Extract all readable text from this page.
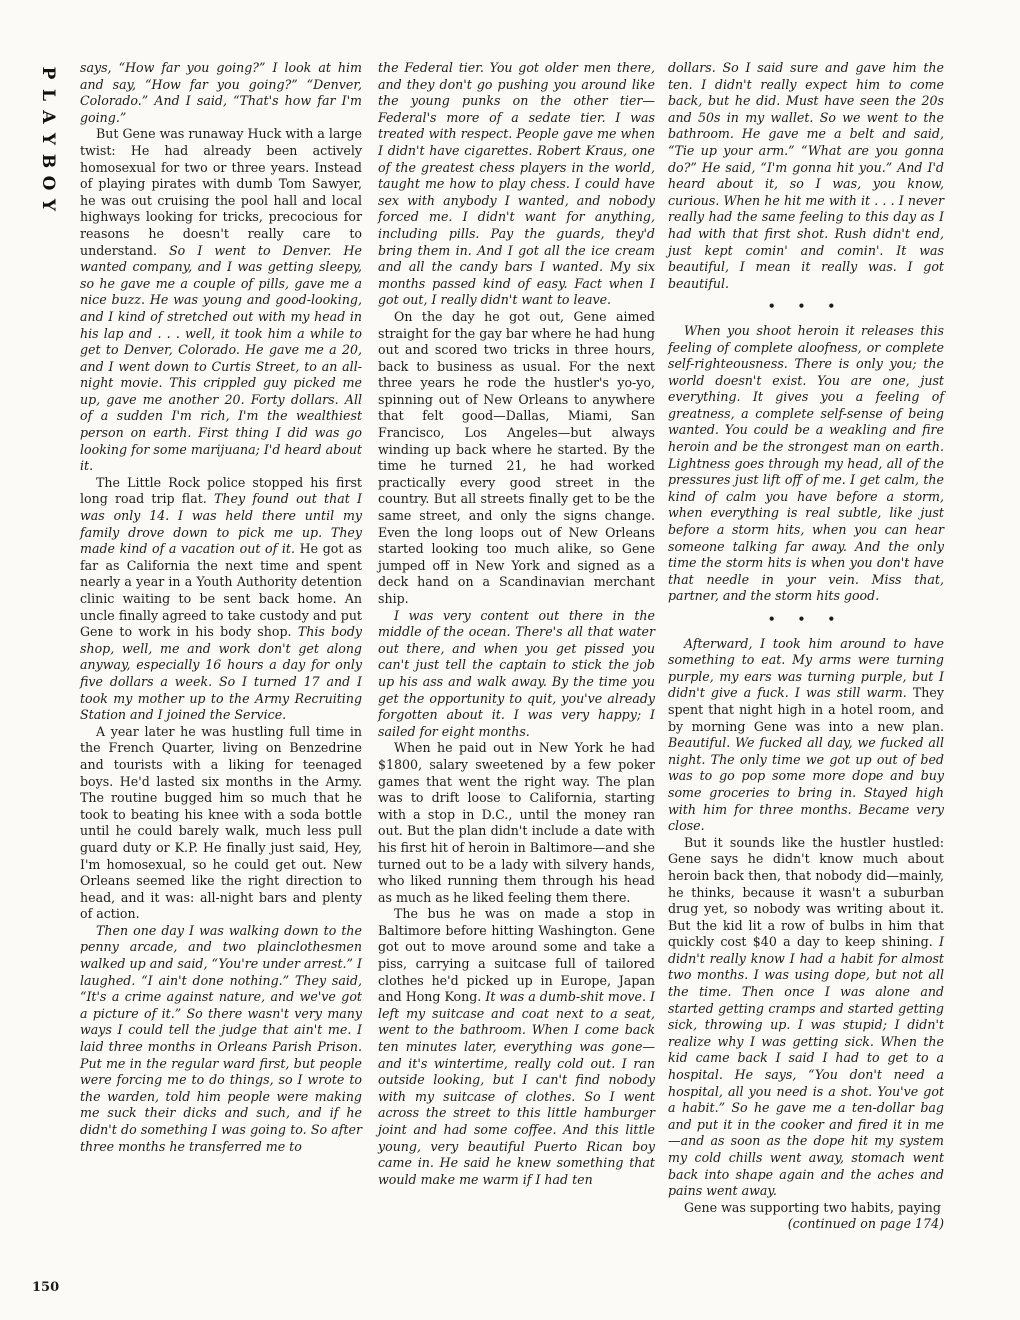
P
L
A
Y
B
O
Y

says, “How far you going?” I look at him and say, “How far you going?” “Denver, Colorado.” And I said, “That's how far I'm going.”

But Gene was runaway Huck with a large twist: He had already been actively homosexual for two or three years. Instead of playing pirates with dumb Tom Sawyer, he was out cruising the pool hall and local highways looking for tricks, precocious for reasons he doesn't really care to understand. So I went to Denver. He wanted company, and I was getting sleepy, so he gave me a couple of pills, gave me a nice buzz. He was young and good-looking, and I kind of stretched out with my head in his lap and . . . well, it took him a while to get to Denver, Colorado. He gave me a 20, and I went down to Curtis Street, to an all-night movie. This crippled guy picked me up, gave me another 20. Forty dollars. All of a sudden I'm rich, I'm the wealthiest person on earth. First thing I did was go looking for some marijuana; I'd heard about it.

The Little Rock police stopped his first long road trip flat. They found out that I was only 14. I was held there until my family drove down to pick me up. They made kind of a vacation out of it. He got as far as California the next time and spent nearly a year in a Youth Authority detention clinic waiting to be sent back home. An uncle finally agreed to take custody and put Gene to work in his body shop. This body shop, well, me and work don't get along anyway, especially 16 hours a day for only five dollars a week. So I turned 17 and I took my mother up to the Army Recruiting Station and I joined the Service.

A year later he was hustling full time in the French Quarter, living on Benzedrine and tourists with a liking for teenaged boys. He'd lasted six months in the Army. The routine bugged him so much that he took to beating his knee with a soda bottle until he could barely walk, much less pull guard duty or K.P. He finally just said, Hey, I'm homosexual, so he could get out. New Orleans seemed like the right direction to head, and it was: all-night bars and plenty of action.

Then one day I was walking down to the penny arcade, and two plainclothesmen walked up and said, “You're under arrest.” I laughed. “I ain't done nothing.” They said, “It's a crime against nature, and we've got a picture of it.” So there wasn't very many ways I could tell the judge that ain't me. I laid three months in Orleans Parish Prison. Put me in the regular ward first, but people were forcing me to do things, so I wrote to the warden, told him people were making me suck their dicks and such, and if he didn't do something I was going to. So after three months he transferred me to

the Federal tier. You got older men there, and they don't go pushing you around like the young punks on the other tier—Federal's more of a sedate tier. I was treated with respect. People gave me when I didn't have cigarettes. Robert Kraus, one of the greatest chess players in the world, taught me how to play chess. I could have sex with anybody I wanted, and nobody forced me. I didn't want for anything, including pills. Pay the guards, they'd bring them in. And I got all the ice cream and all the candy bars I wanted. My six months passed kind of easy. Fact when I got out, I really didn't want to leave.

On the day he got out, Gene aimed straight for the gay bar where he had hung out and scored two tricks in three hours, back to business as usual. For the next three years he rode the hustler's yo-yo, spinning out of New Orleans to anywhere that felt good—Dallas, Miami, San Francisco, Los Angeles—but always winding up back where he started. By the time he turned 21, he had worked practically every good street in the country. But all streets finally get to be the same street, and only the signs change. Even the long loops out of New Orleans started looking too much alike, so Gene jumped off in New York and signed as a deck hand on a Scandinavian merchant ship.

I was very content out there in the middle of the ocean. There's all that water out there, and when you get pissed you can't just tell the captain to stick the job up his ass and walk away. By the time you get the opportunity to quit, you've already forgotten about it. I was very happy; I sailed for eight months.

When he paid out in New York he had $1800, salary sweetened by a few poker games that went the right way. The plan was to drift loose to California, starting with a stop in D.C., until the money ran out. But the plan didn't include a date with his first hit of heroin in Baltimore—and she turned out to be a lady with silvery hands, who liked running them through his head as much as he liked feeling them there.

The bus he was on made a stop in Baltimore before hitting Washington. Gene got out to move around some and take a piss, carrying a suitcase full of tailored clothes he'd picked up in Europe, Japan and Hong Kong. It was a dumb-shit move. I left my suitcase and coat next to a seat, went to the bathroom. When I come back ten minutes later, everything was gone—and it's wintertime, really cold out. I ran outside looking, but I can't find nobody with my suitcase of clothes. So I went across the street to this little hamburger joint and had some coffee. And this little young, very beautiful Puerto Rican boy came in. He said he knew something that would make me warm if I had ten

dollars. So I said sure and gave him the ten. I didn't really expect him to come back, but he did. Must have seen the 20s and 50s in my wallet. So we went to the bathroom. He gave me a belt and said, “Tie up your arm.” “What are you gonna do?” He said, “I'm gonna hit you.” And I'd heard about it, so I was, you know, curious. When he hit me with it . . . I never really had the same feeling to this day as I had with that first shot. Rush didn't end, just kept comin' and comin'. It was beautiful, I mean it really was. I got beautiful.

• • •

When you shoot heroin it releases this feeling of complete aloofness, or complete self-righteousness. There is only you; the world doesn't exist. You are one, just everything. It gives you a feeling of greatness, a complete self-sense of being wanted. You could be a weakling and fire heroin and be the strongest man on earth. Lightness goes through my head, all of the pressures just lift off of me. I get calm, the kind of calm you have before a storm, when everything is real subtle, like just before a storm hits, when you can hear someone talking far away. And the only time the storm hits is when you don't have that needle in your vein. Miss that, partner, and the storm hits good.

• • •

Afterward, I took him around to have something to eat. My arms were turning purple, my ears was turning purple, but I didn't give a fuck. I was still warm. They spent that night high in a hotel room, and by morning Gene was into a new plan. Beautiful. We fucked all day, we fucked all night. The only time we got up out of bed was to go pop some more dope and buy some groceries to bring in. Stayed high with him for three months. Became very close.

But it sounds like the hustler hustled: Gene says he didn't know much about heroin back then, that nobody did—mainly, he thinks, because it wasn't a suburban drug yet, so nobody was writing about it. But the kid lit a row of bulbs in him that quickly cost $40 a day to keep shining. I didn't really know I had a habit for almost two months. I was using dope, but not all the time. Then once I was alone and started getting cramps and started getting sick, throwing up. I was stupid; I didn't realize why I was getting sick. When the kid came back I said I had to get to a hospital. He says, “You don't need a hospital, all you need is a shot. You've got a habit.” So he gave me a ten-dollar bag and put it in the cooker and fired it in me—and as soon as the dope hit my system my cold chills went away, stomach went back into shape again and the aches and pains went away.

Gene was supporting two habits, paying

(continued on page 174)
150
